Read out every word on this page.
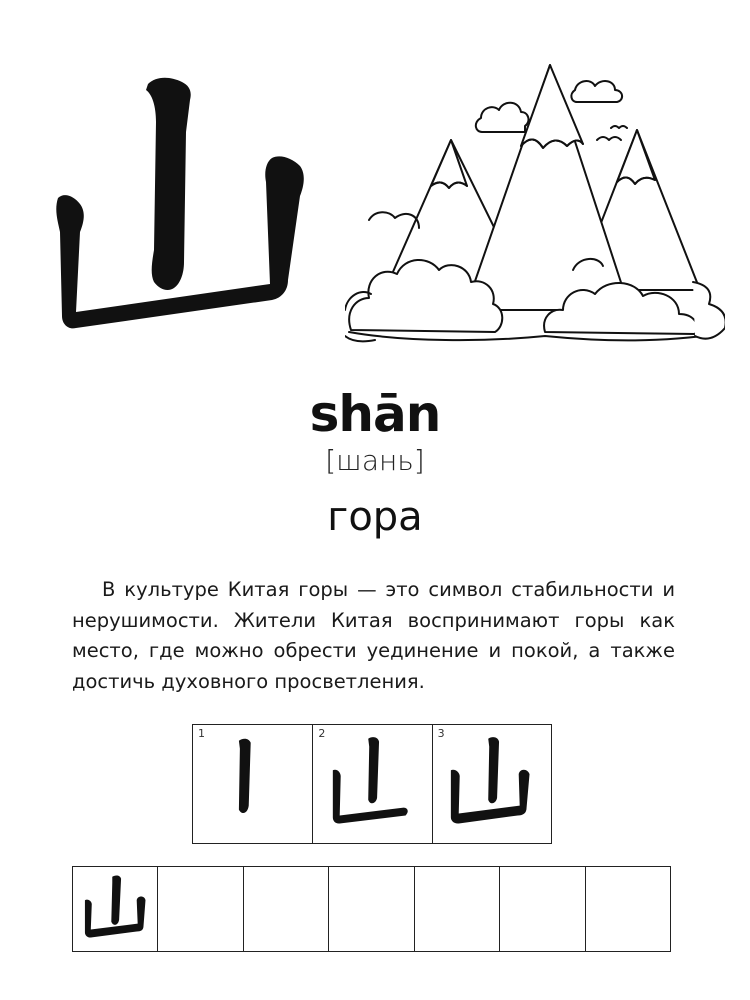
shān
[шань]
гора

В культуре Китая горы — это символ стабильности и нерушимости. Жители Китая воспринимают горы как место, где можно обрести уединение и покой, а также достичь духовного просветления.

1	2	3
